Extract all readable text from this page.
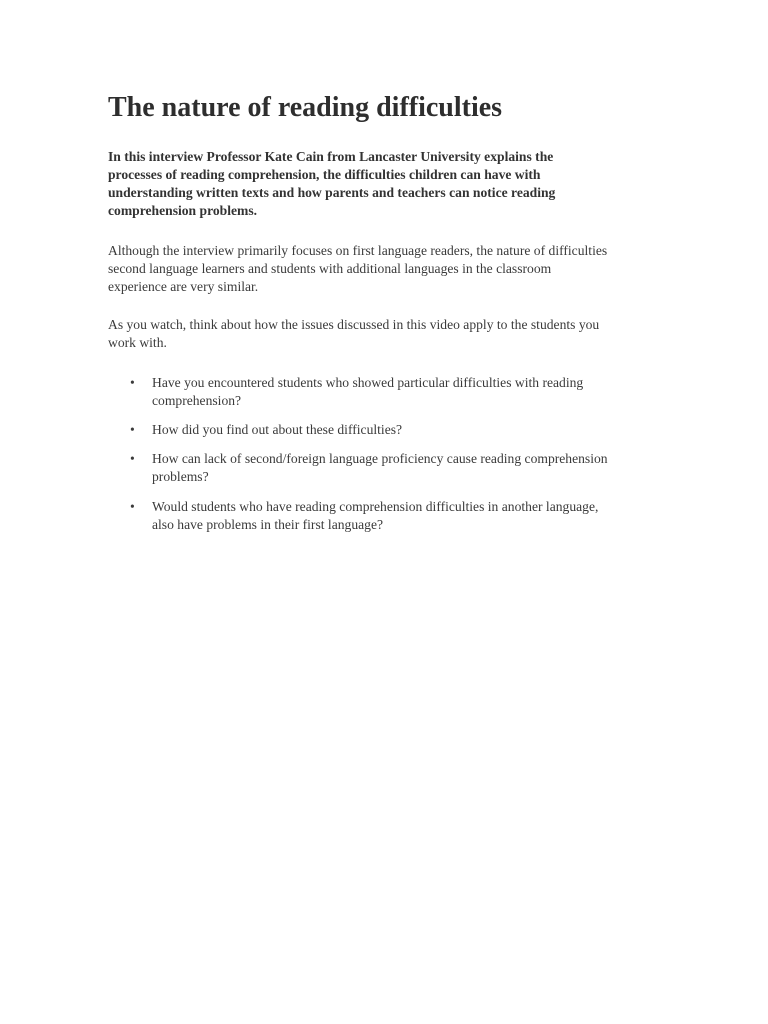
The nature of reading difficulties
In this interview Professor Kate Cain from Lancaster University explains the
processes of reading comprehension, the difficulties children can have with
understanding written texts and how parents and teachers can notice reading
comprehension problems.
Although the interview primarily focuses on first language readers, the nature of difficulties
second language learners and students with additional languages in the classroom
experience are very similar.
As you watch, think about how the issues discussed in this video apply to the students you
work with.
• Have you encountered students who showed particular difficulties with reading
comprehension?
• How did you find out about these difficulties?
• How can lack of second/foreign language proficiency cause reading comprehension
problems?
• Would students who have reading comprehension difficulties in another language,
also have problems in their first language?
